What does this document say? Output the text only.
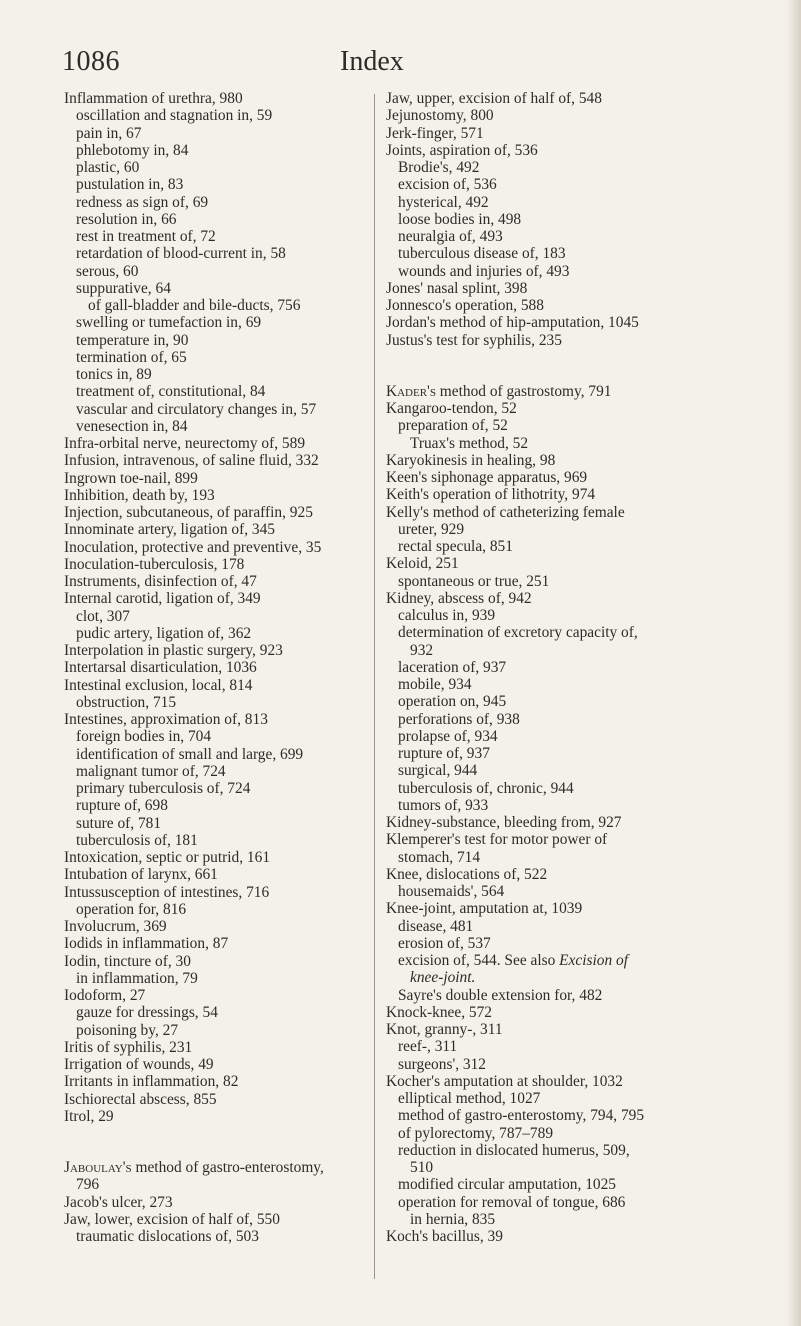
1086	Index
Inflammation of urethra, 980
oscillation and stagnation in, 59
pain in, 67
phlebotomy in, 84
plastic, 60
pustulation in, 83
redness as sign of, 69
resolution in, 66
rest in treatment of, 72
retardation of blood-current in, 58
serous, 60
suppurative, 64
of gall-bladder and bile-ducts, 756
swelling or tumefaction in, 69
temperature in, 90
termination of, 65
tonics in, 89
treatment of, constitutional, 84
vascular and circulatory changes in, 57
venesection in, 84
Infra-orbital nerve, neurectomy of, 589
Infusion, intravenous, of saline fluid, 332
Ingrown toe-nail, 899
Inhibition, death by, 193
Injection, subcutaneous, of paraffin, 925
Innominate artery, ligation of, 345
Inoculation, protective and preventive, 35
Inoculation-tuberculosis, 178
Instruments, disinfection of, 47
Internal carotid, ligation of, 349
clot, 307
pudic artery, ligation of, 362
Interpolation in plastic surgery, 923
Intertarsal disarticulation, 1036
Intestinal exclusion, local, 814
obstruction, 715
Intestines, approximation of, 813
foreign bodies in, 704
identification of small and large, 699
malignant tumor of, 724
primary tuberculosis of, 724
rupture of, 698
suture of, 781
tuberculosis of, 181
Intoxication, septic or putrid, 161
Intubation of larynx, 661
Intussusception of intestines, 716
operation for, 816
Involucrum, 369
Iodids in inflammation, 87
Iodin, tincture of, 30
in inflammation, 79
Iodoform, 27
gauze for dressings, 54
poisoning by, 27
Iritis of syphilis, 231
Irrigation of wounds, 49
Irritants in inflammation, 82
Ischiorectal abscess, 855
Itrol, 29
Jaboulay's method of gastro-enterostomy,
796
Jacob's ulcer, 273
Jaw, lower, excision of half of, 550
traumatic dislocations of, 503
Jaw, upper, excision of half of, 548
Jejunostomy, 800
Jerk-finger, 571
Joints, aspiration of, 536
Brodie's, 492
excision of, 536
hysterical, 492
loose bodies in, 498
neuralgia of, 493
tuberculous disease of, 183
wounds and injuries of, 493
Jones' nasal splint, 398
Jonnesco's operation, 588
Jordan's method of hip-amputation, 1045
Justus's test for syphilis, 235
Kader's method of gastrostomy, 791
Kangaroo-tendon, 52
preparation of, 52
Truax's method, 52
Karyokinesis in healing, 98
Keen's siphonage apparatus, 969
Keith's operation of lithotrity, 974
Kelly's method of catheterizing female
ureter, 929
rectal specula, 851
Keloid, 251
spontaneous or true, 251
Kidney, abscess of, 942
calculus in, 939
determination of excretory capacity of,
932
laceration of, 937
mobile, 934
operation on, 945
perforations of, 938
prolapse of, 934
rupture of, 937
surgical, 944
tuberculosis of, chronic, 944
tumors of, 933
Kidney-substance, bleeding from, 927
Klemperer's test for motor power of
stomach, 714
Knee, dislocations of, 522
housemaids', 564
Knee-joint, amputation at, 1039
disease, 481
erosion of, 537
excision of, 544. See also Excision of
knee-joint.
Sayre's double extension for, 482
Knock-knee, 572
Knot, granny-, 311
reef-, 311
surgeons', 312
Kocher's amputation at shoulder, 1032
elliptical method, 1027
method of gastro-enterostomy, 794, 795
of pylorectomy, 787–789
reduction in dislocated humerus, 509,
510
modified circular amputation, 1025
operation for removal of tongue, 686
in hernia, 835
Koch's bacillus, 39
